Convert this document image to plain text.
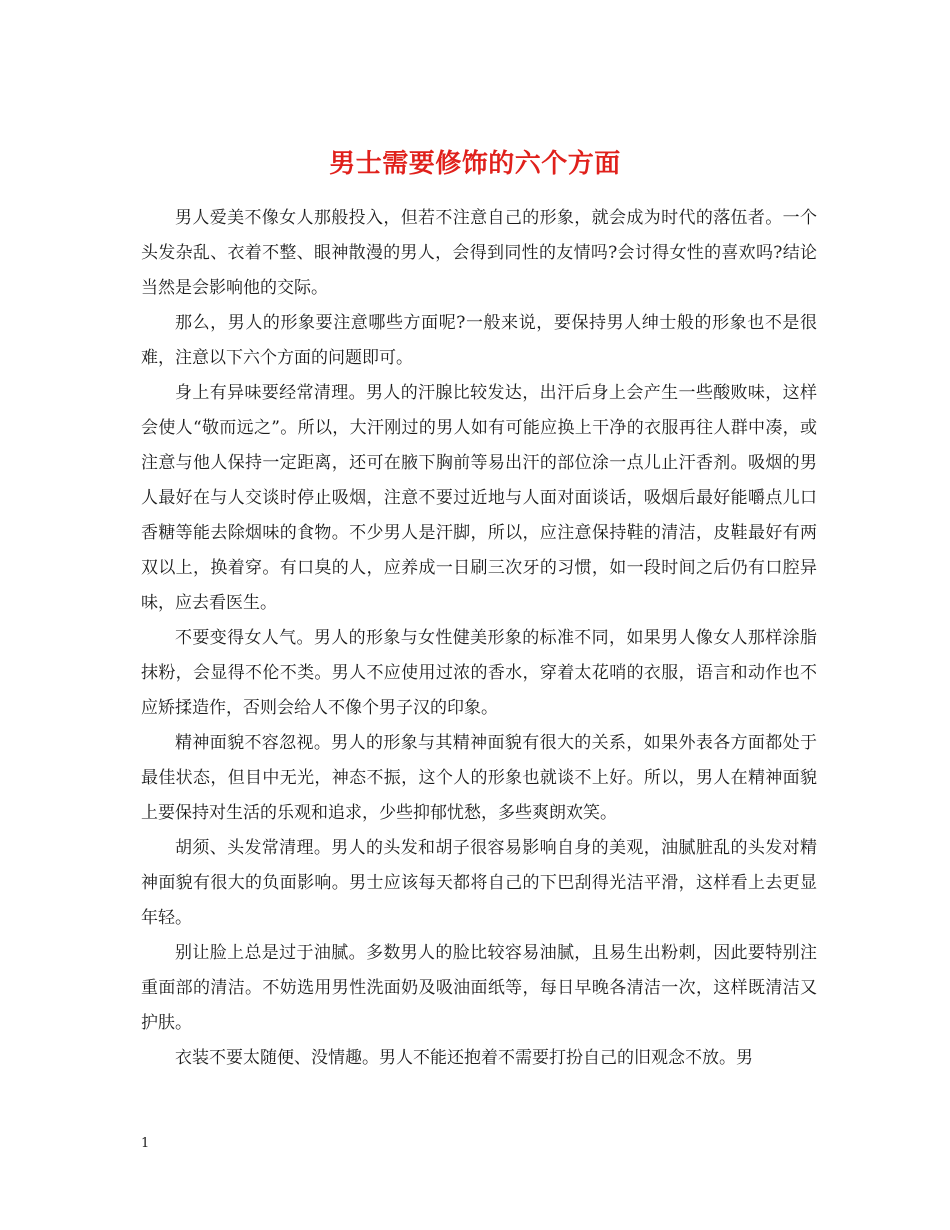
男士需要修饰的六个方面

男人爱美不像女人那般投入，但若不注意自己的形象，就会成为时代的落伍者。一个头发杂乱、衣着不整、眼神散漫的男人，会得到同性的友情吗?会讨得女性的喜欢吗?结论当然是会影响他的交际。

那么，男人的形象要注意哪些方面呢?一般来说，要保持男人绅士般的形象也不是很难，注意以下六个方面的问题即可。

身上有异味要经常清理。男人的汗腺比较发达，出汗后身上会产生一些酸败味，这样会使人“敬而远之”。所以，大汗刚过的男人如有可能应换上干净的衣服再往人群中凑，或注意与他人保持一定距离，还可在腋下胸前等易出汗的部位涂一点儿止汗香剂。吸烟的男人最好在与人交谈时停止吸烟，注意不要过近地与人面对面谈话，吸烟后最好能嚼点儿口香糖等能去除烟味的食物。不少男人是汗脚，所以，应注意保持鞋的清洁，皮鞋最好有两双以上，换着穿。有口臭的人，应养成一日刷三次牙的习惯，如一段时间之后仍有口腔异味，应去看医生。

不要变得女人气。男人的形象与女性健美形象的标准不同，如果男人像女人那样涂脂抹粉，会显得不伦不类。男人不应使用过浓的香水，穿着太花哨的衣服，语言和动作也不应矫揉造作，否则会给人不像个男子汉的印象。

精神面貌不容忽视。男人的形象与其精神面貌有很大的关系，如果外表各方面都处于最佳状态，但目中无光，神态不振，这个人的形象也就谈不上好。所以，男人在精神面貌上要保持对生活的乐观和追求，少些抑郁忧愁，多些爽朗欢笑。

胡须、头发常清理。男人的头发和胡子很容易影响自身的美观，油腻脏乱的头发对精神面貌有很大的负面影响。男士应该每天都将自己的下巴刮得光洁平滑，这样看上去更显年轻。

别让脸上总是过于油腻。多数男人的脸比较容易油腻，且易生出粉刺，因此要特别注重面部的清洁。不妨选用男性洗面奶及吸油面纸等，每日早晚各清洁一次，这样既清洁又护肤。

衣装不要太随便、没情趣。男人不能还抱着不需要打扮自己的旧观念不放。男

1
